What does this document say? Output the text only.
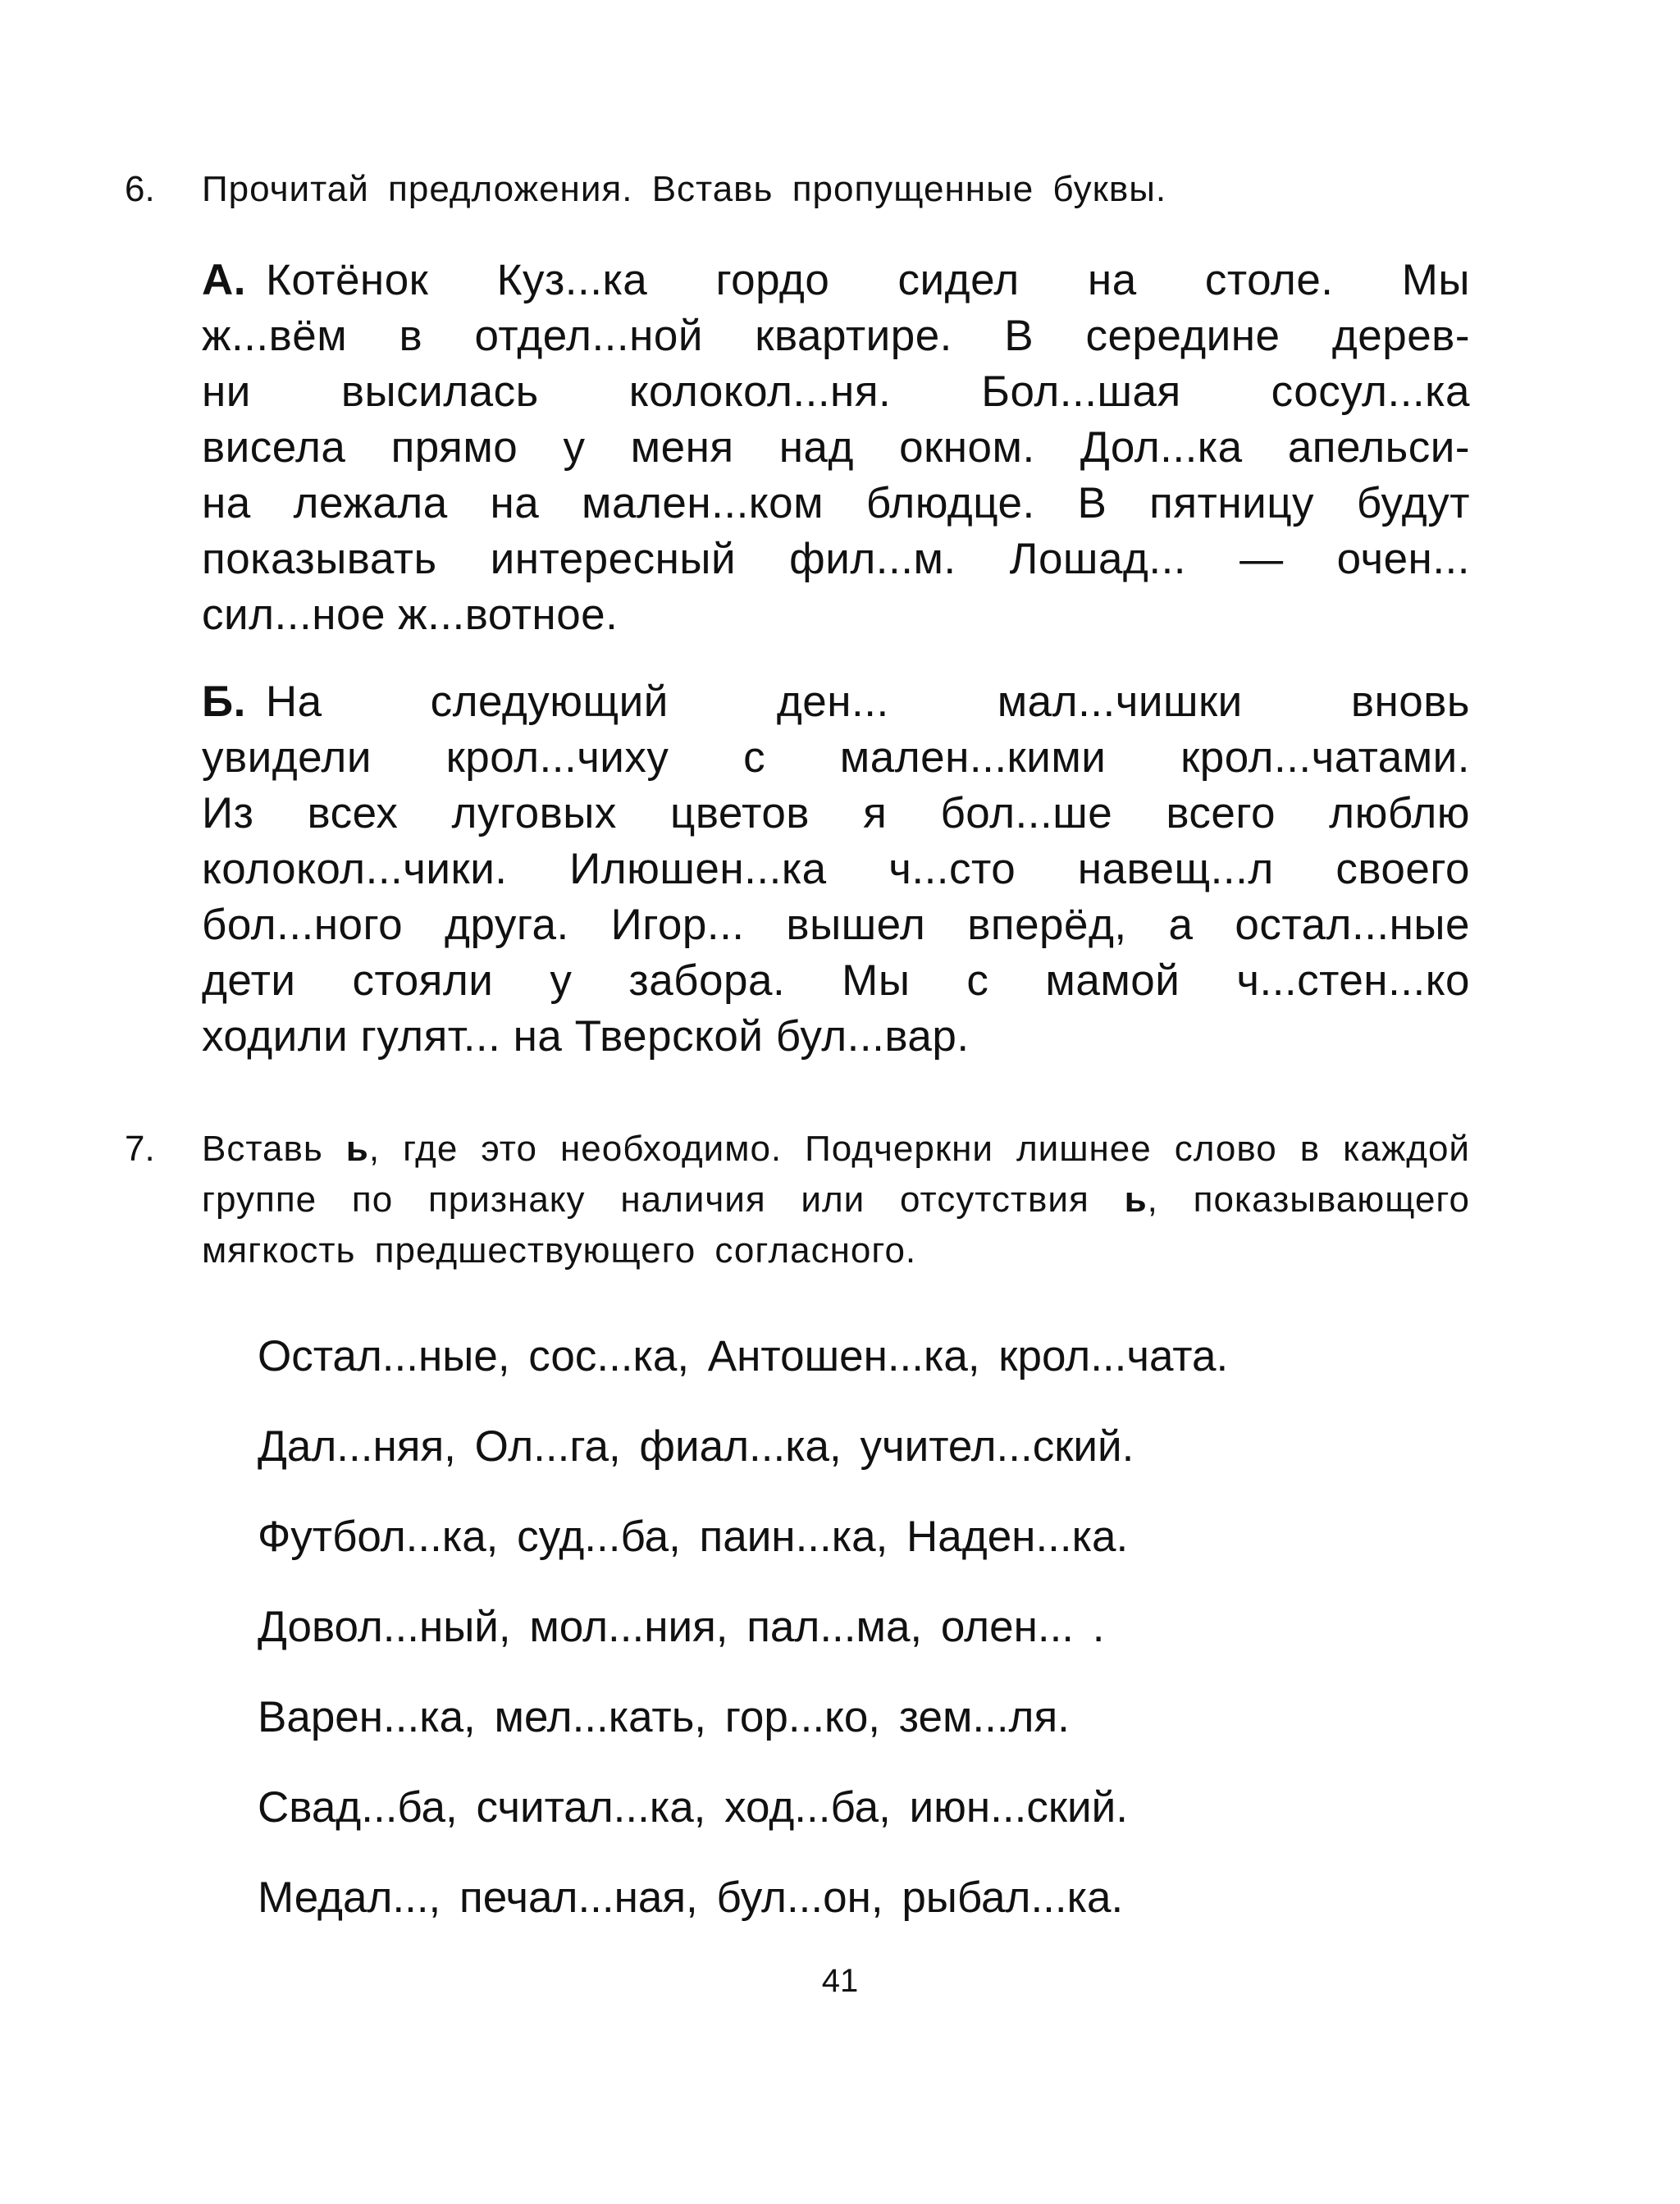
6. Прочитай предложения. Вставь пропущенные буквы.
А. Котёнок Куз...ка гордо сидел на столе. Мы
ж...вём в отдел...ной квартире. В середине дерев-
ни высилась колокол...ня. Бол...шая сосул...ка
висела прямо у меня над окном. Дол...ка апельси-
на лежала на мален...ком блюдце. В пятницу будут
показывать интересный фил...м. Лошад... — очен...
сил...ное ж...вотное.
Б. На следующий ден... мал...чишки вновь
увидели крол...чиху с мален...кими крол...чатами.
Из всех луговых цветов я бол...ше всего люблю
колокол...чики. Илюшен...ка ч...сто навещ...л своего
бол...ного друга. Игор... вышел вперёд, а остал...ные
дети стояли у забора. Мы с мамой ч...стен...ко
ходили гулят... на Тверской бул...вар.
7. Вставь ь, где это необходимо. Подчеркни лишнее слово в каждой группе по признаку наличия или отсутствия ь, показывающего мягкость предшествующего согласного.
Остал...ные, сос...ка, Антошен...ка, крол...чата.
Дал...няя, Ол...га, фиал...ка, учител...ский.
Футбол...ка, суд...ба, паин...ка, Наден...ка.
Довол...ный, мол...ния, пал...ма, олен... .
Варен...ка, мел...кать, гор...ко, зем...ля.
Свад...ба, считал...ка, ход...ба, июн...ский.
Медал..., печал...ная, бул...он, рыбал...ка.
41
